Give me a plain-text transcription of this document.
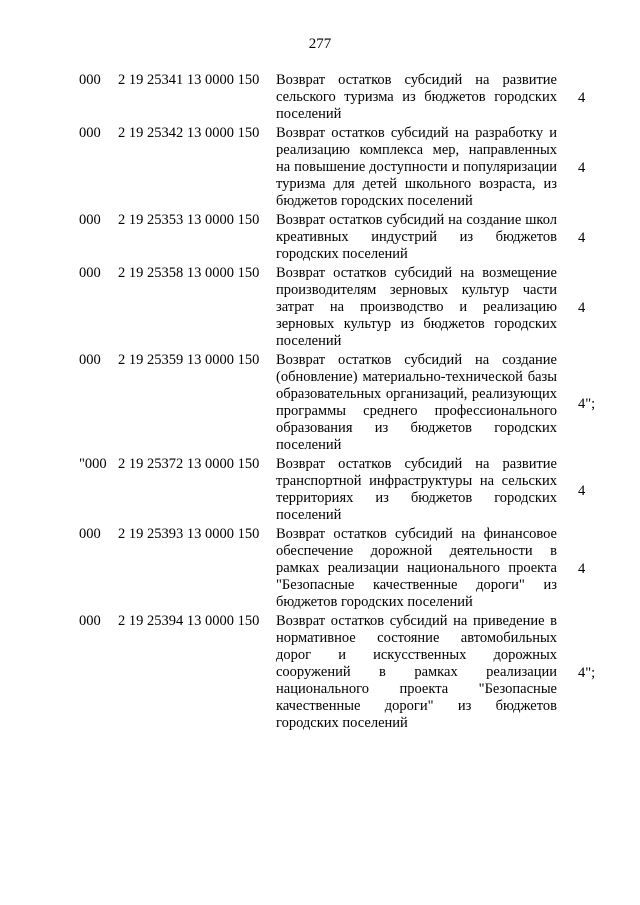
277
000 2 19 25341 13 0000 150 Возврат остатков субсидий на развитие сельского туризма из бюджетов городских поселений
4
000 2 19 25342 13 0000 150 Возврат остатков субсидий на разработку и реализацию комплекса мер, направленных на повышение доступности и популяризации туризма для детей школьного возраста, из бюджетов городских поселений
4
000 2 19 25353 13 0000 150 Возврат остатков субсидий на создание школ креативных индустрий из бюджетов городских поселений
4
000 2 19 25358 13 0000 150 Возврат остатков субсидий на возмещение производителям зерновых культур части затрат на производство и реализацию зерновых культур из бюджетов городских поселений
4
000 2 19 25359 13 0000 150 Возврат остатков субсидий на создание (обновление) материально-технической базы образовательных организаций, реализующих программы среднего профессионального образования из бюджетов городских поселений
4";
"000 2 19 25372 13 0000 150 Возврат остатков субсидий на развитие транспортной инфраструктуры на сельских территориях из бюджетов городских поселений
4
000 2 19 25393 13 0000 150 Возврат остатков субсидий на финансовое обеспечение дорожной деятельности в рамках реализации национального проекта "Безопасные качественные дороги" из бюджетов городских поселений
4
000 2 19 25394 13 0000 150 Возврат остатков субсидий на приведение в нормативное состояние автомобильных дорог и искусственных дорожных сооружений в рамках реализации национального проекта "Безопасные качественные дороги" из бюджетов городских поселений
4";
